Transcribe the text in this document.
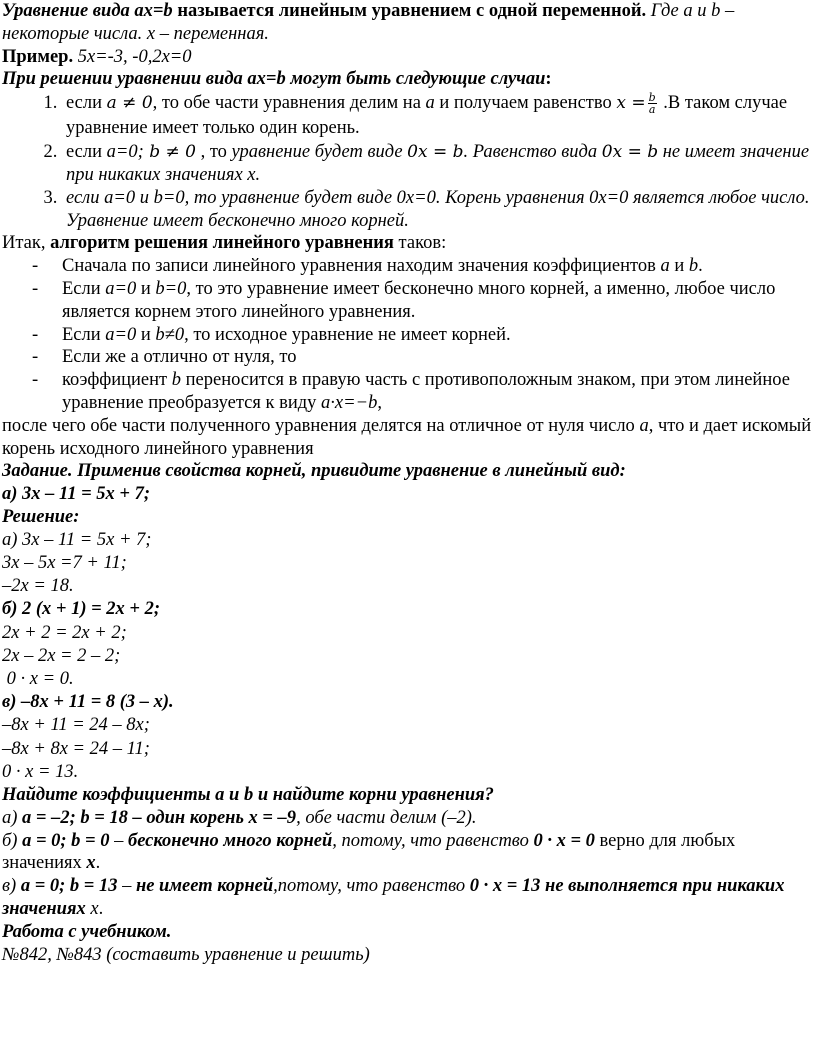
Уравнение вида ax=b называется линейным уравнением с одной переменной. Где a и b – некоторые числа. x – переменная.

Пример. 5x=-3, -0,2x=0

При решении уравнении вида ax=b могут быть следующие случаи:

1. если a ≠ 0, то обе части уравнения делим на a и получаем равенство $x = \frac{b}{a} .В$ таком случае уравнение имеет только один корень.
2. если a=0; b ≠ 0 , то уравнение будет виде 0x = b. Равенство вида 0x = b не имеет значение при никаких значениях x.
3. если a=0 и b=0, то уравнение будет виде 0x=0. Корень уравнения 0x=0 является любое число. Уравнение имеет бесконечно много корней.

Итак, алгоритм решения линейного уравнения таков:

- Сначала по записи линейного уравнения находим значения коэффициентов a и b.
- Если a=0 и b=0, то это уравнение имеет бесконечно много корней, а именно, любое число является корнем этого линейного уравнения.
- Если a=0 и b≠0, то исходное уравнение не имеет корней.
- Если же a отлично от нуля, то
- коэффициент b переносится в правую часть с противоположным знаком, при этом линейное уравнение преобразуется к виду a·x=−b,

после чего обе части полученного уравнения делятся на отличное от нуля число a, что и дает искомый корень исходного линейного уравнения

Задание. Применив свойства корней, привидите уравнение в линейный вид:

а) 3x – 11 = 5x + 7;

Решение:

а) 3x – 11 = 5x + 7;

3x – 5x =7 + 11;

–2x = 18.

б) 2 (x + 1) = 2x + 2;

2x + 2 = 2x + 2;

2x – 2x = 2 – 2;

0 · x = 0.

в) –8x + 11 = 8 (3 – x).

–8x + 11 = 24 – 8x;

–8x + 8x = 24 – 11;

0 · x = 13.

Найдите коэффициенты a и b и найдите корни уравнения?

а) a = –2; b = 18 – один корень x = –9, обе части делим (–2).

б) a = 0; b = 0 – бесконечно много корней, потому, что равенство 0 · x = 0 верно для любых значениях x.

в) a = 0; b = 13 – не имеет корней,потому, что равенство 0 · x = 13 не выполняется при никаких значениях x.

Работа с учебником.

№842, №843 (составить уравнение и решить)
